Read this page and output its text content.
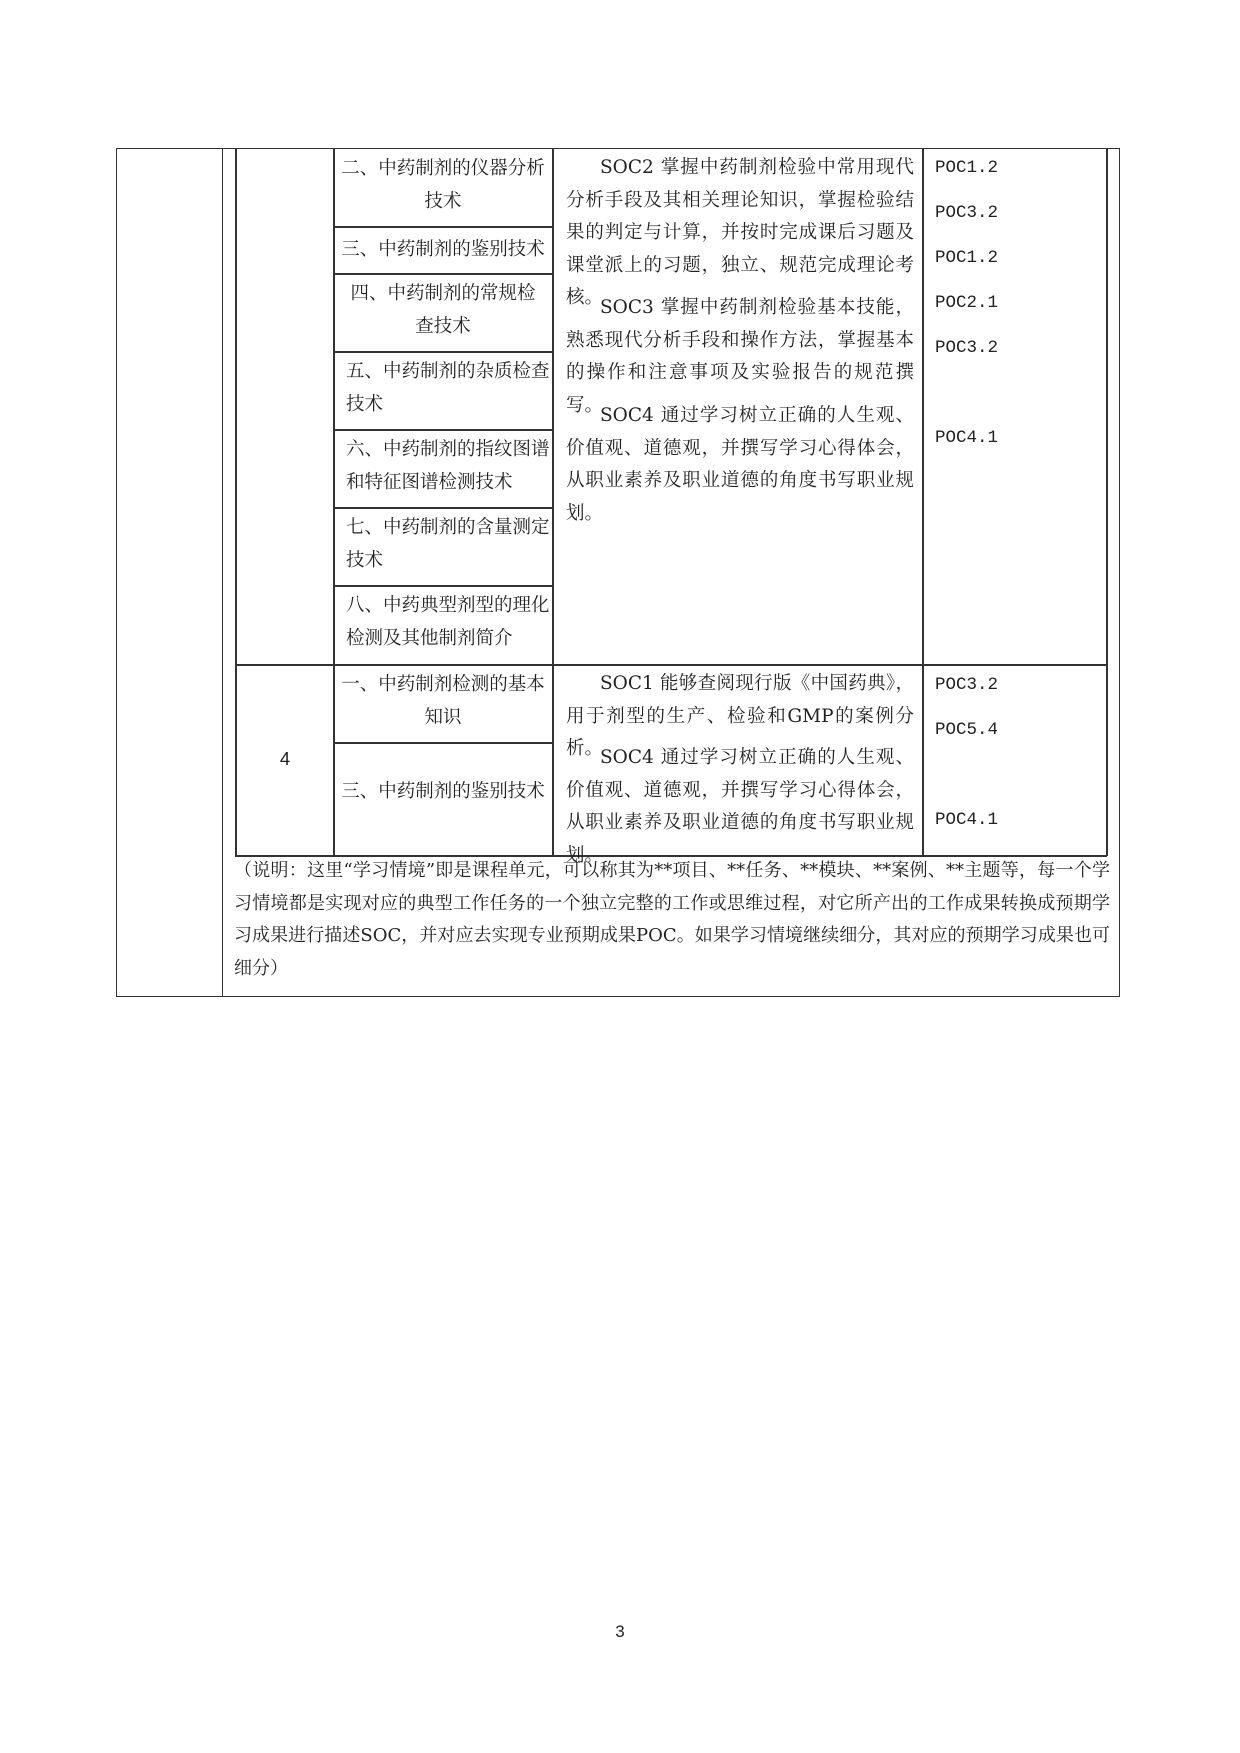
二、中药制剂的仪器分析
技术
三、中药制剂的鉴别技术
四、中药制剂的常规检
查技术
五、中药制剂的杂质检查
技术
六、中药制剂的指纹图谱
和特征图谱检测技术
七、中药制剂的含量测定
技术
八、中药典型剂型的理化
检测及其他制剂简介
SOC2 掌握中药制剂检验中常用现代分析手段及其相关理论知识，掌握检验结果的判定与计算，并按时完成课后习题及课堂派上的习题，独立、规范完成理论考核。
SOC3 掌握中药制剂检验基本技能，熟悉现代分析手段和操作方法，掌握基本的操作和注意事项及实验报告的规范撰写。
SOC4 通过学习树立正确的人生观、价值观、道德观，并撰写学习心得体会，从职业素养及职业道德的角度书写职业规划。
POC1.2
POC3.2
POC1.2
POC2.1
POC3.2
POC4.1
4
一、中药制剂检测的基本
知识
三、中药制剂的鉴别技术
SOC1 能够查阅现行版《中国药典》，用于剂型的生产、检验和GMP的案例分析。
SOC4 通过学习树立正确的人生观、价值观、道德观，并撰写学习心得体会，从职业素养及职业道德的角度书写职业规划。
POC3.2
POC5.4
POC4.1
（说明：这里“学习情境”即是课程单元，可以称其为**项目、**任务、**模块、**案例、**主题等，每一个学习情境都是实现对应的典型工作任务的一个独立完整的工作或思维过程，对它所产出的工作成果转换成预期学习成果进行描述SOC，并对应去实现专业预期成果POC。如果学习情境继续细分，其对应的预期学习成果也可细分）
3
